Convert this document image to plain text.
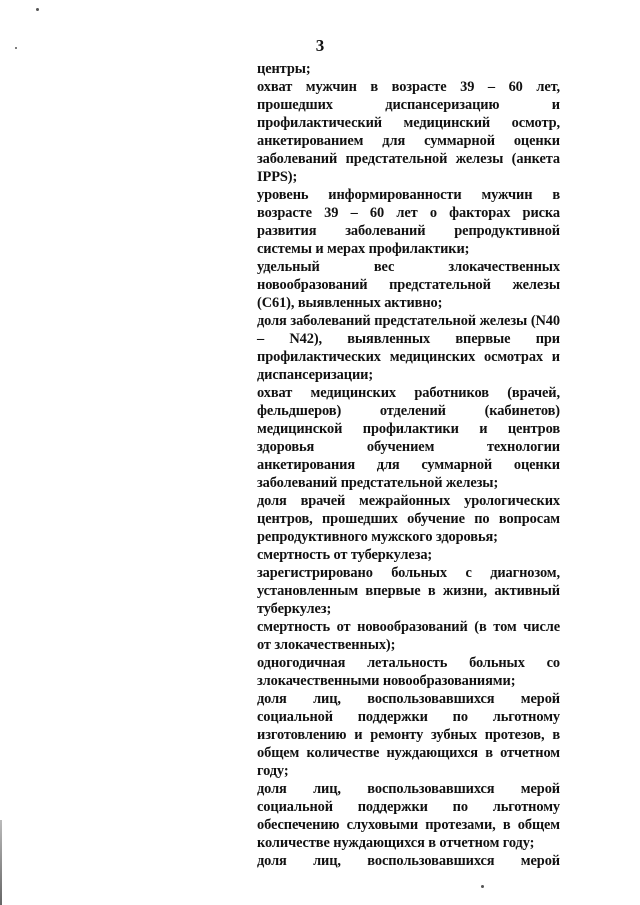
3

центры;

охват мужчин в возрасте 39 – 60 лет, прошедших диспансеризацию и профилактический медицинский осмотр, анкетированием для суммарной оценки заболеваний предстательной железы (анкета IPPS);

уровень информированности мужчин в возрасте 39 – 60 лет о факторах риска развития заболеваний репродуктивной системы и мерах профилактики;

удельный вес злокачественных новообразований предстательной железы (C61), выявленных активно;

доля заболеваний предстательной железы (N40 – N42), выявленных впервые при профилактических медицинских осмотрах и диспансеризации;

охват медицинских работников (врачей, фельдшеров) отделений (кабинетов) медицинской профилактики и центров здоровья обучением технологии анкетирования для суммарной оценки заболеваний предстательной железы;

доля врачей межрайонных урологических центров, прошедших обучение по вопросам репродуктивного мужского здоровья;

смертность от туберкулеза;

зарегистрировано больных с диагнозом, установленным впервые в жизни, активный туберкулез;

смертность от новообразований (в том числе от злокачественных);

одногодичная летальность больных со злокачественными новообразованиями;

доля лиц, воспользовавшихся мерой социальной поддержки по льготному изготовлению и ремонту зубных протезов, в общем количестве нуждающихся в отчетном году;

доля лиц, воспользовавшихся мерой социальной поддержки по льготному обеспечению слуховыми протезами, в общем количестве нуждающихся в отчетном году;

доля лиц, воспользовавшихся мерой
